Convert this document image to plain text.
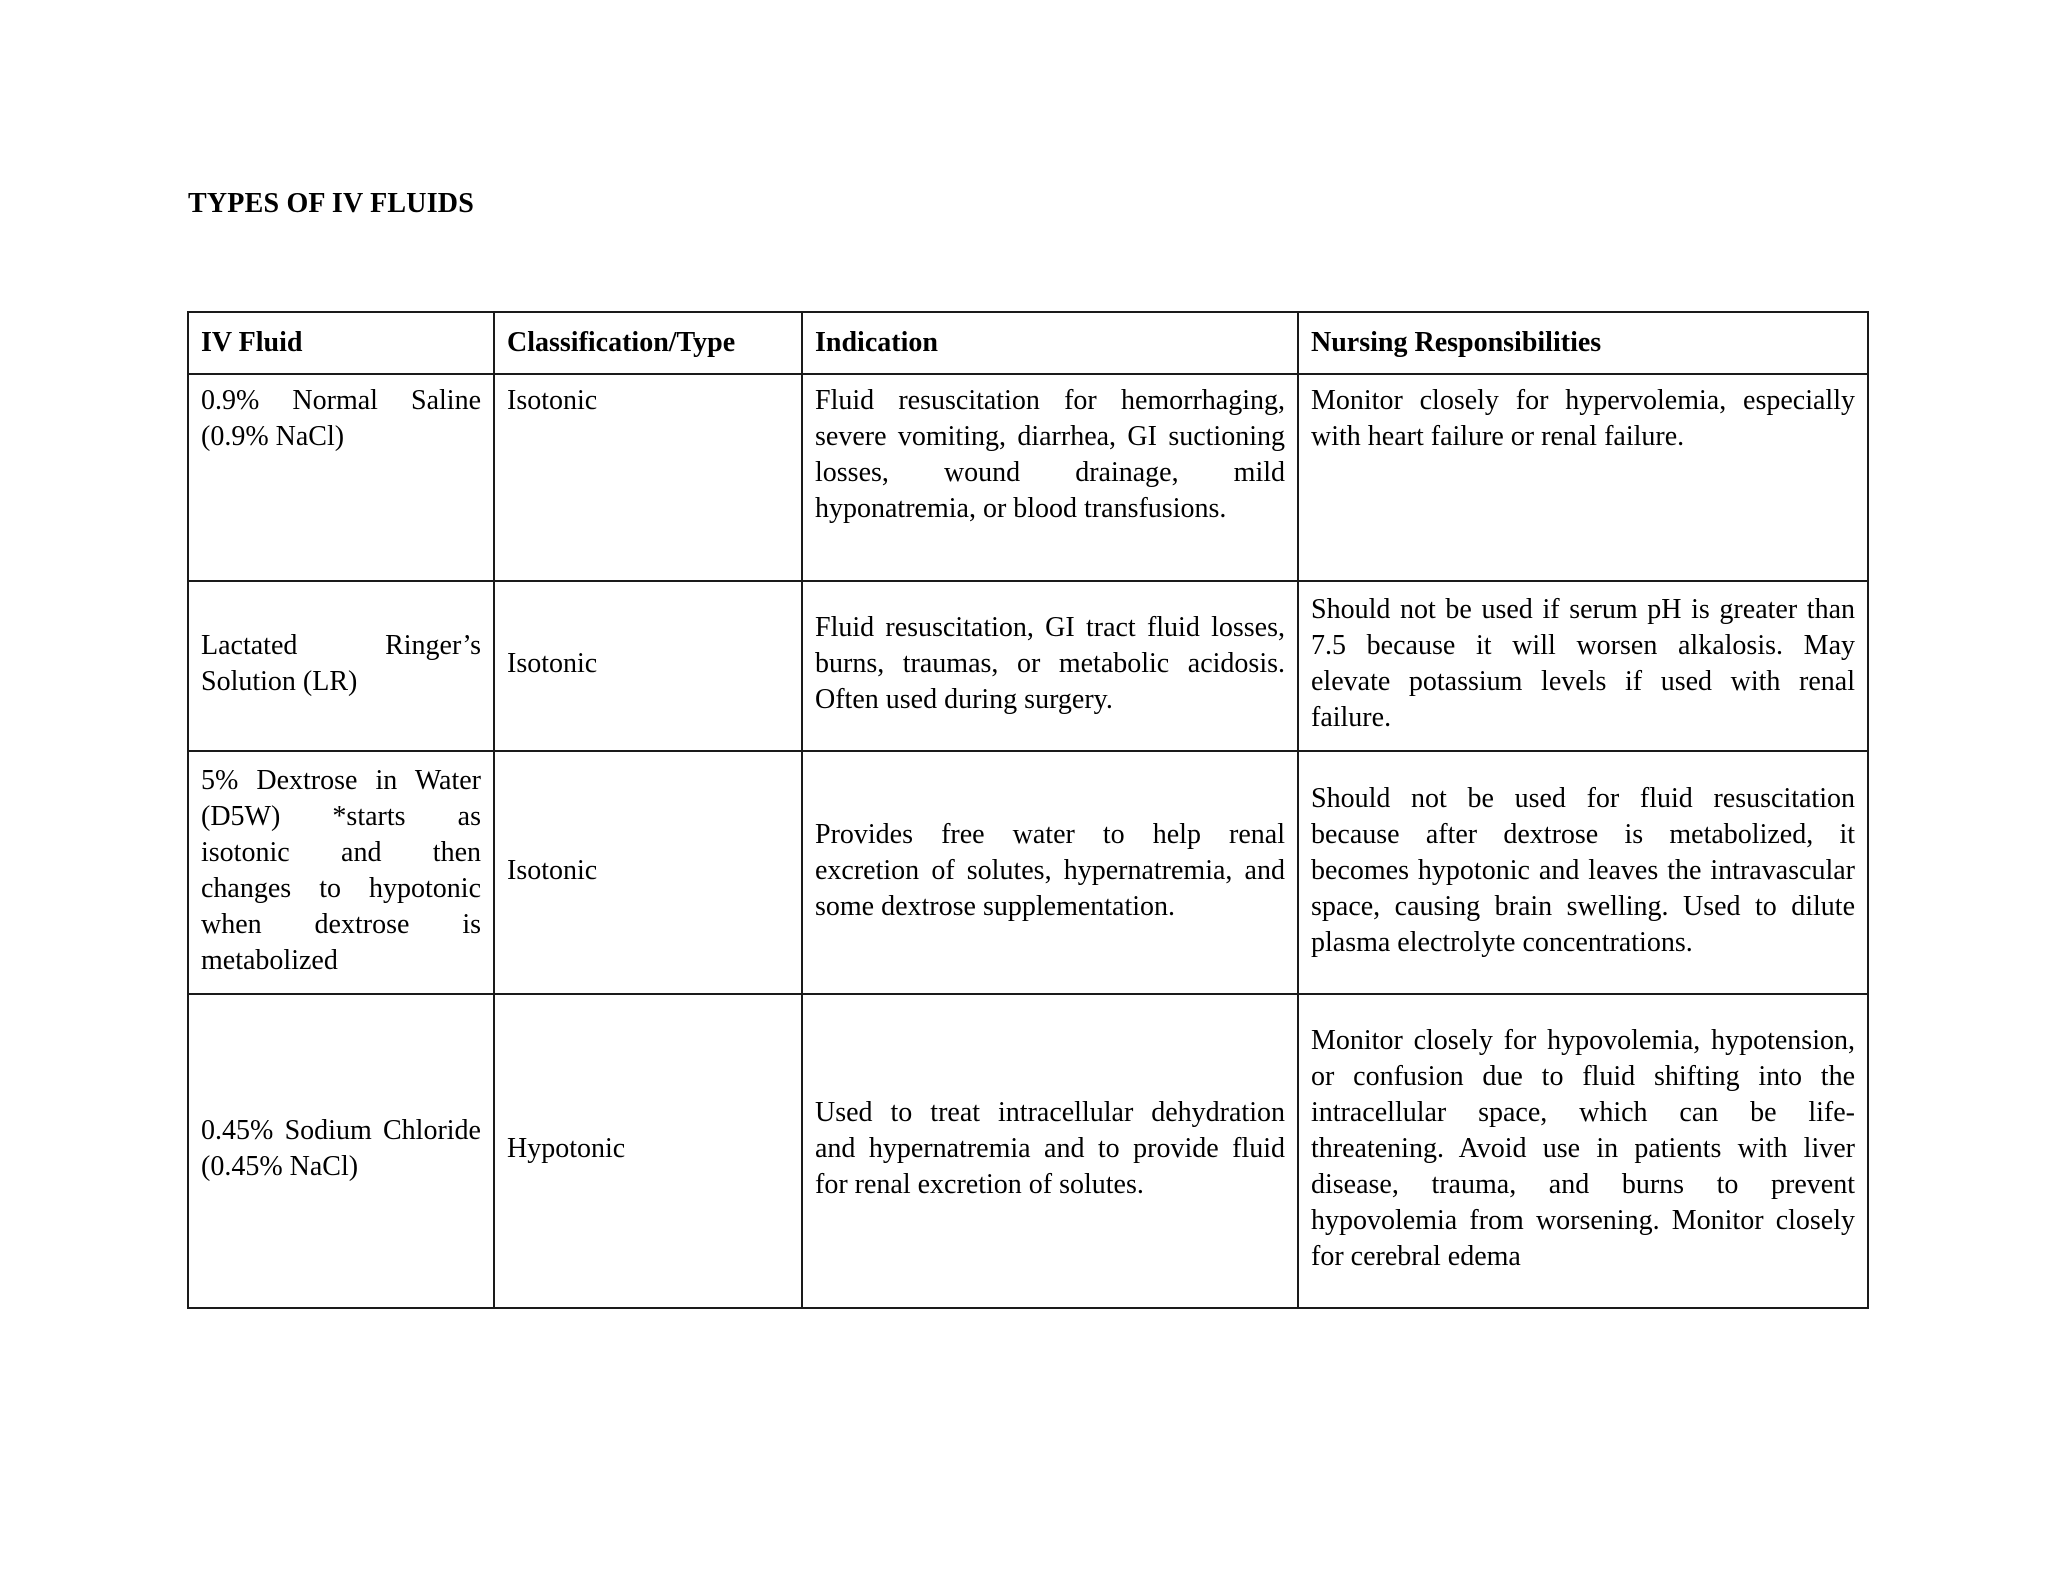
TYPES OF IV FLUIDS
IV Fluid	Classification/Type	Indication	Nursing Responsibilities
0.9% Normal Saline (0.9% NaCl)	Isotonic	Fluid resuscitation for hemorrhaging, severe vomiting, diarrhea, GI suctioning losses, wound drainage, mild hyponatremia, or blood transfusions.	Monitor closely for hypervolemia, especially with heart failure or renal failure.
Lactated Ringer’s Solution (LR)	Isotonic	Fluid resuscitation, GI tract fluid losses, burns, traumas, or metabolic acidosis. Often used during surgery.	Should not be used if serum pH is greater than 7.5 because it will worsen alkalosis. May elevate potassium levels if used with renal failure.
5% Dextrose in Water (D5W) *starts as isotonic and then changes to hypotonic when dextrose is metabolized	Isotonic	Provides free water to help renal excretion of solutes, hypernatremia, and some dextrose supplementation.	Should not be used for fluid resuscitation because after dextrose is metabolized, it becomes hypotonic and leaves the intravascular space, causing brain swelling. Used to dilute plasma electrolyte concentrations.
0.45% Sodium Chloride (0.45% NaCl)	Hypotonic	Used to treat intracellular dehydration and hypernatremia and to provide fluid for renal excretion of solutes.	Monitor closely for hypovolemia, hypotension, or confusion due to fluid shifting into the intracellular space, which can be life-threatening. Avoid use in patients with liver disease, trauma, and burns to prevent hypovolemia from worsening. Monitor closely for cerebral edema
